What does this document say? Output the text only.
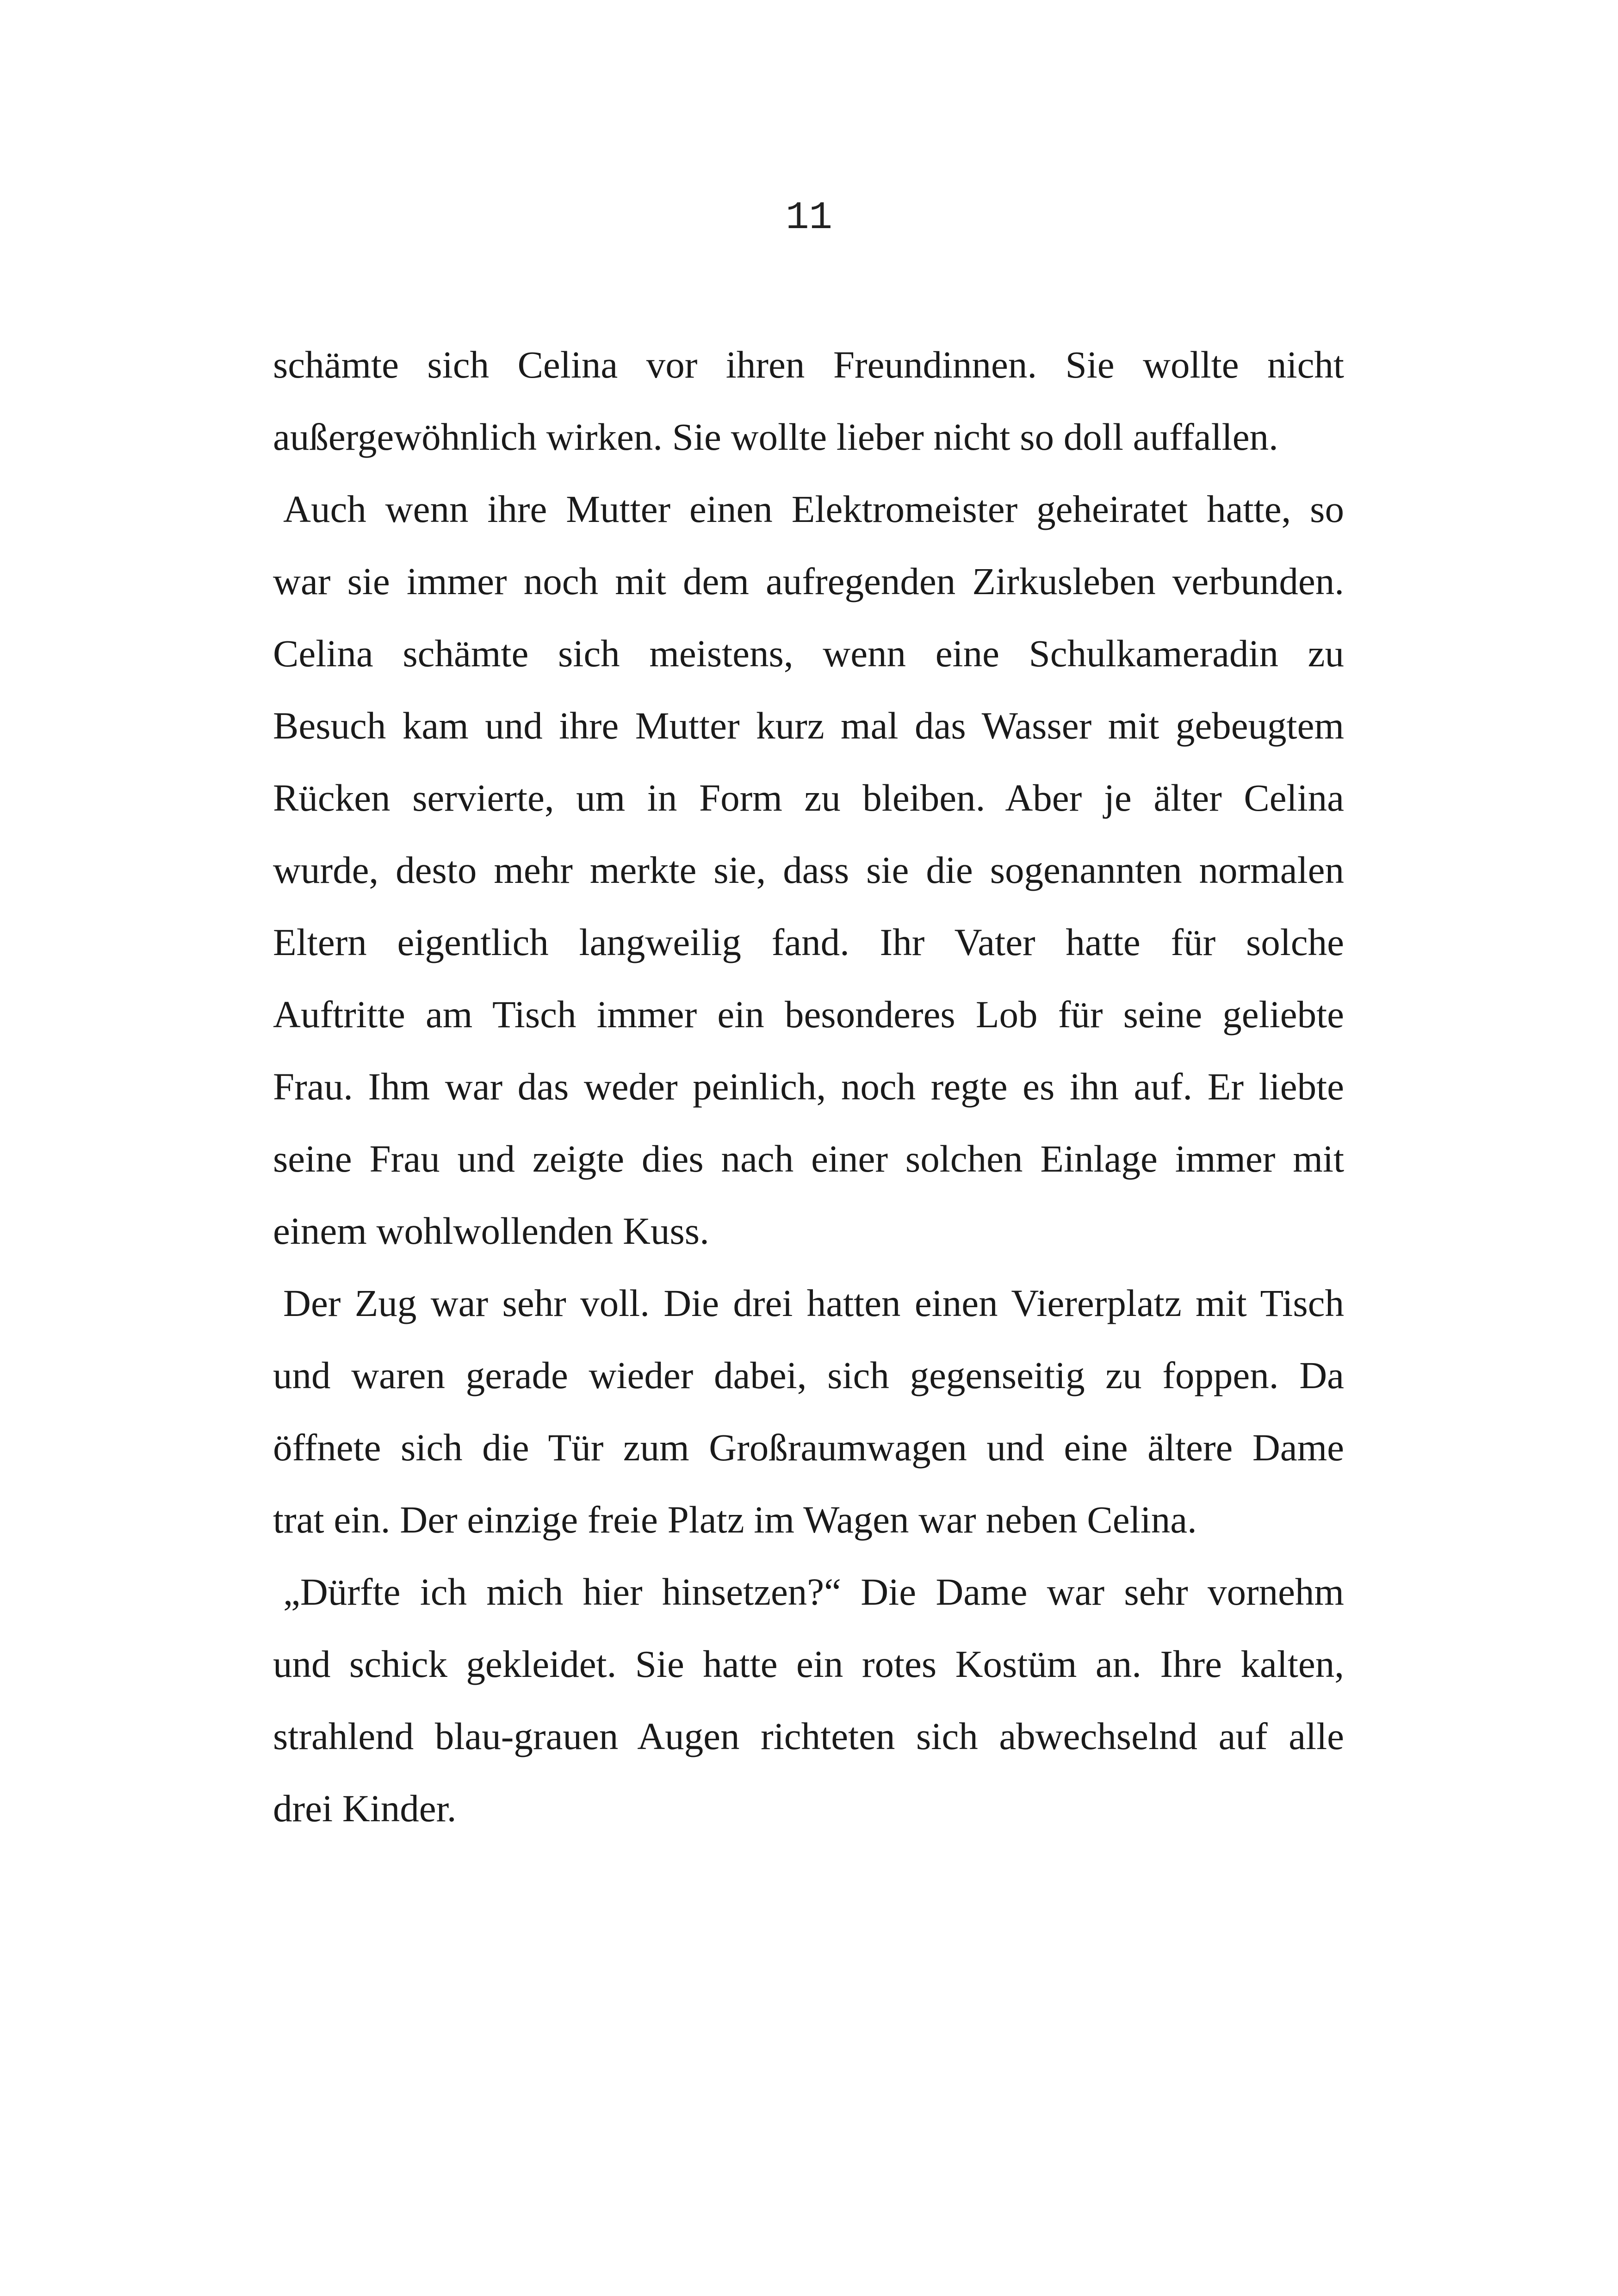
11
schämte sich Celina vor ihren Freundinnen. Sie wollte nicht
außergewöhnlich wirken. Sie wollte lieber nicht so doll auffallen.
Auch wenn ihre Mutter einen Elektromeister geheiratet hatte, so
war sie immer noch mit dem aufregenden Zirkusleben verbunden.
Celina schämte sich meistens, wenn eine Schulkameradin zu
Besuch kam und ihre Mutter kurz mal das Wasser mit gebeugtem
Rücken servierte, um in Form zu bleiben. Aber je älter Celina
wurde, desto mehr merkte sie, dass sie die sogenannten normalen
Eltern eigentlich langweilig fand. Ihr Vater hatte für solche
Auftritte am Tisch immer ein besonderes Lob für seine geliebte
Frau. Ihm war das weder peinlich, noch regte es ihn auf. Er liebte
seine Frau und zeigte dies nach einer solchen Einlage immer mit
einem wohlwollenden Kuss.
Der Zug war sehr voll. Die drei hatten einen Viererplatz mit Tisch
und waren gerade wieder dabei, sich gegenseitig zu foppen. Da
öffnete sich die Tür zum Großraumwagen und eine ältere Dame
trat ein. Der einzige freie Platz im Wagen war neben Celina.
„Dürfte ich mich hier hinsetzen?“ Die Dame war sehr vornehm
und schick gekleidet. Sie hatte ein rotes Kostüm an. Ihre kalten,
strahlend blau-grauen Augen richteten sich abwechselnd auf alle
drei Kinder.
